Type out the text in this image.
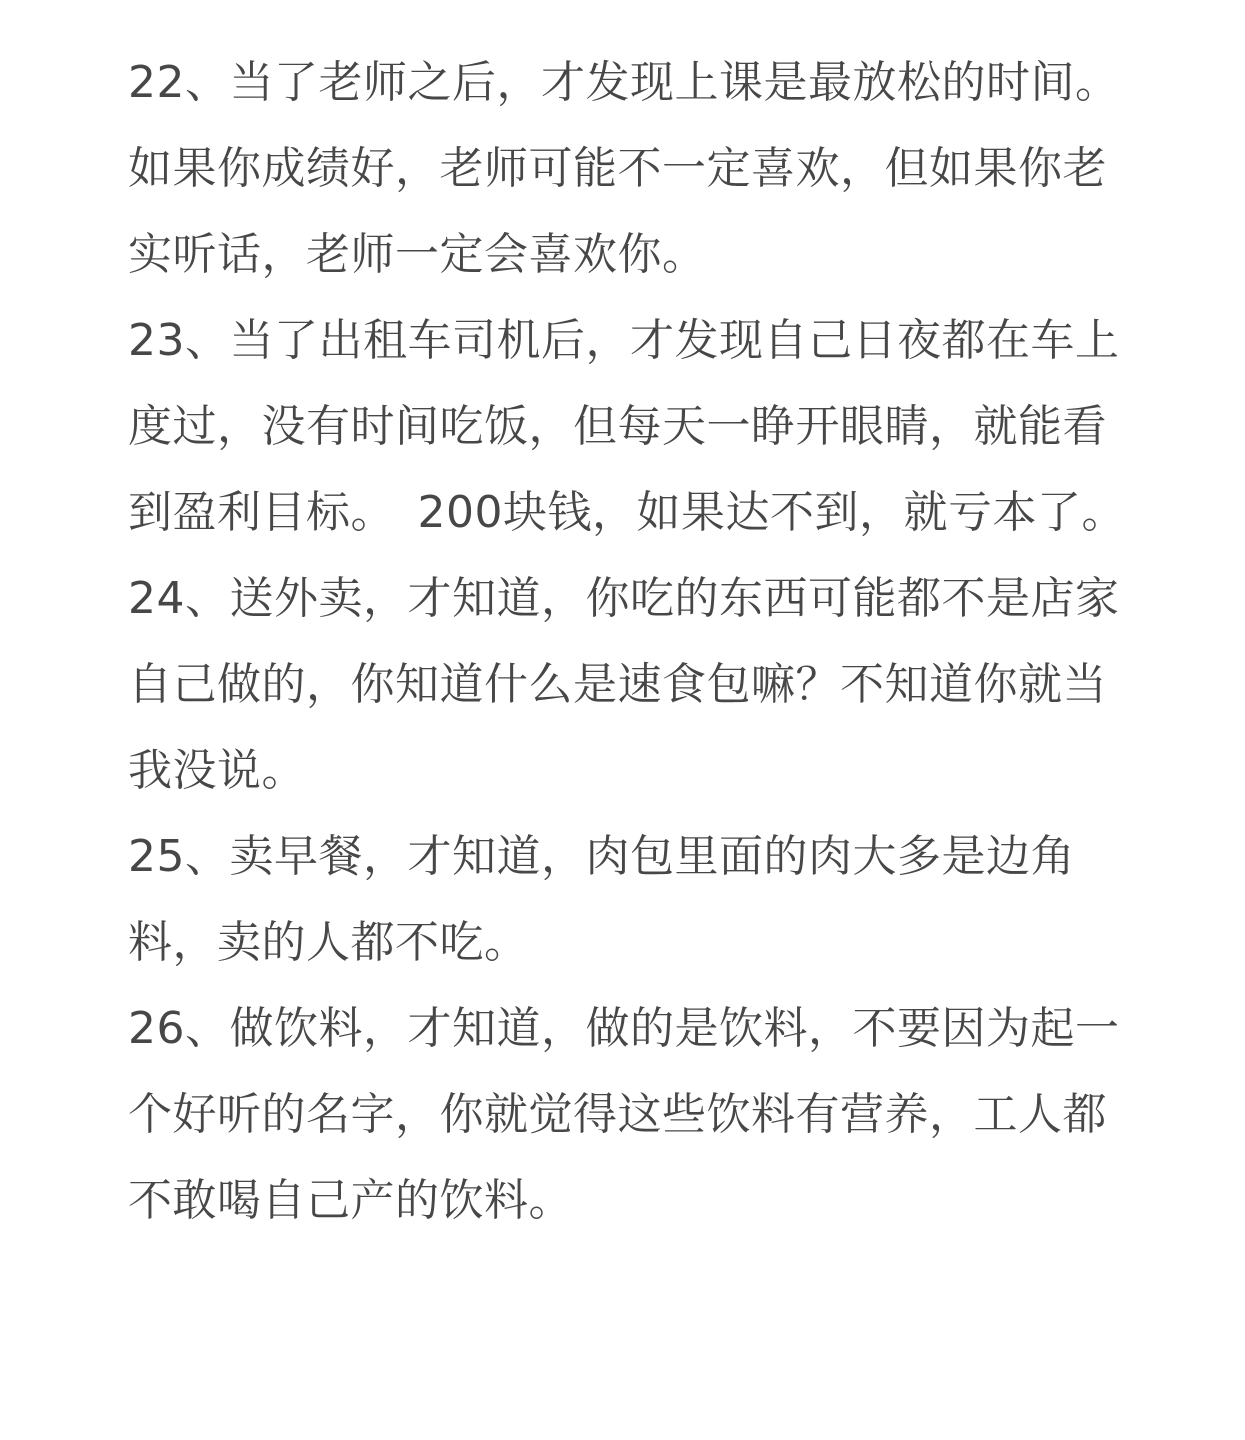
22、当了老师之后，才发现上课是最放松的时间。如果你成绩好，老师可能不一定喜欢，但如果你老实听话，老师一定会喜欢你。

23、当了出租车司机后，才发现自己日夜都在车上度过，没有时间吃饭，但每天一睁开眼睛，就能看到盈利目标。　200块钱，如果达不到，就亏本了。

24、送外卖，才知道，你吃的东西可能都不是店家自己做的，你知道什么是速食包嘛？不知道你就当我没说。

25、卖早餐，才知道，肉包里面的肉大多是边角料，卖的人都不吃。

26、做饮料，才知道，做的是饮料，不要因为起一个好听的名字，你就觉得这些饮料有营养，工人都不敢喝自己产的饮料。
